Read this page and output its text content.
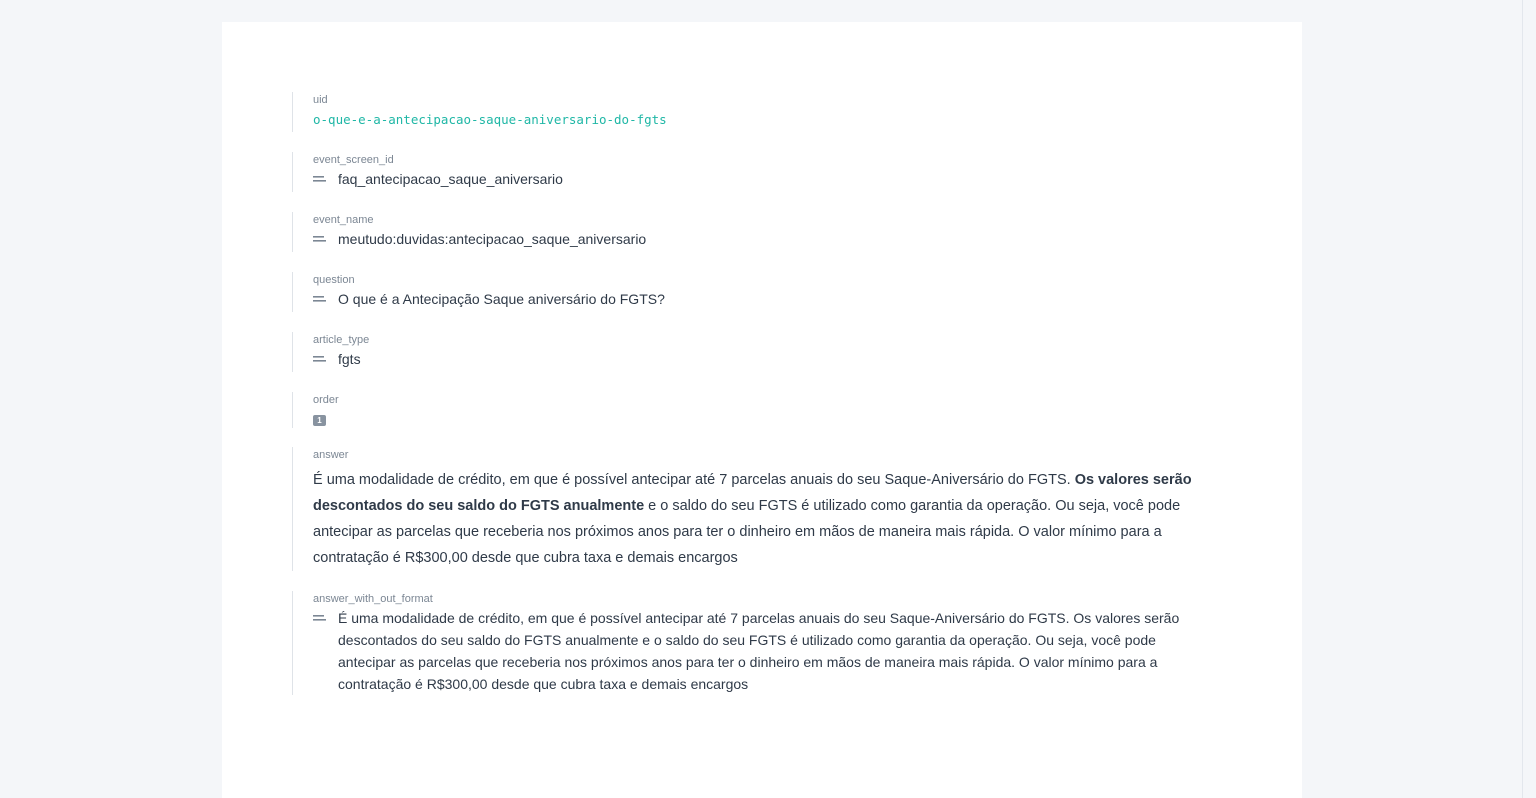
uid
o-que-e-a-antecipacao-saque-aniversario-do-fgts
event_screen_id
faq_antecipacao_saque_aniversario
event_name
meutudo:duvidas:antecipacao_saque_aniversario
question
O que é a Antecipação Saque aniversário do FGTS?
article_type
fgts
order
1
answer
É uma modalidade de crédito, em que é possível antecipar até 7 parcelas anuais do seu Saque-Aniversário do FGTS. Os valores serão descontados do seu saldo do FGTS anualmente e o saldo do seu FGTS é utilizado como garantia da operação. Ou seja, você pode antecipar as parcelas que receberia nos próximos anos para ter o dinheiro em mãos de maneira mais rápida. O valor mínimo para a contratação é R$300,00 desde que cubra taxa e demais encargos
answer_with_out_format
É uma modalidade de crédito, em que é possível antecipar até 7 parcelas anuais do seu Saque-Aniversário do FGTS. Os valores serão descontados do seu saldo do FGTS anualmente e o saldo do seu FGTS é utilizado como garantia da operação. Ou seja, você pode antecipar as parcelas que receberia nos próximos anos para ter o dinheiro em mãos de maneira mais rápida. O valor mínimo para a contratação é R$300,00 desde que cubra taxa e demais encargos
